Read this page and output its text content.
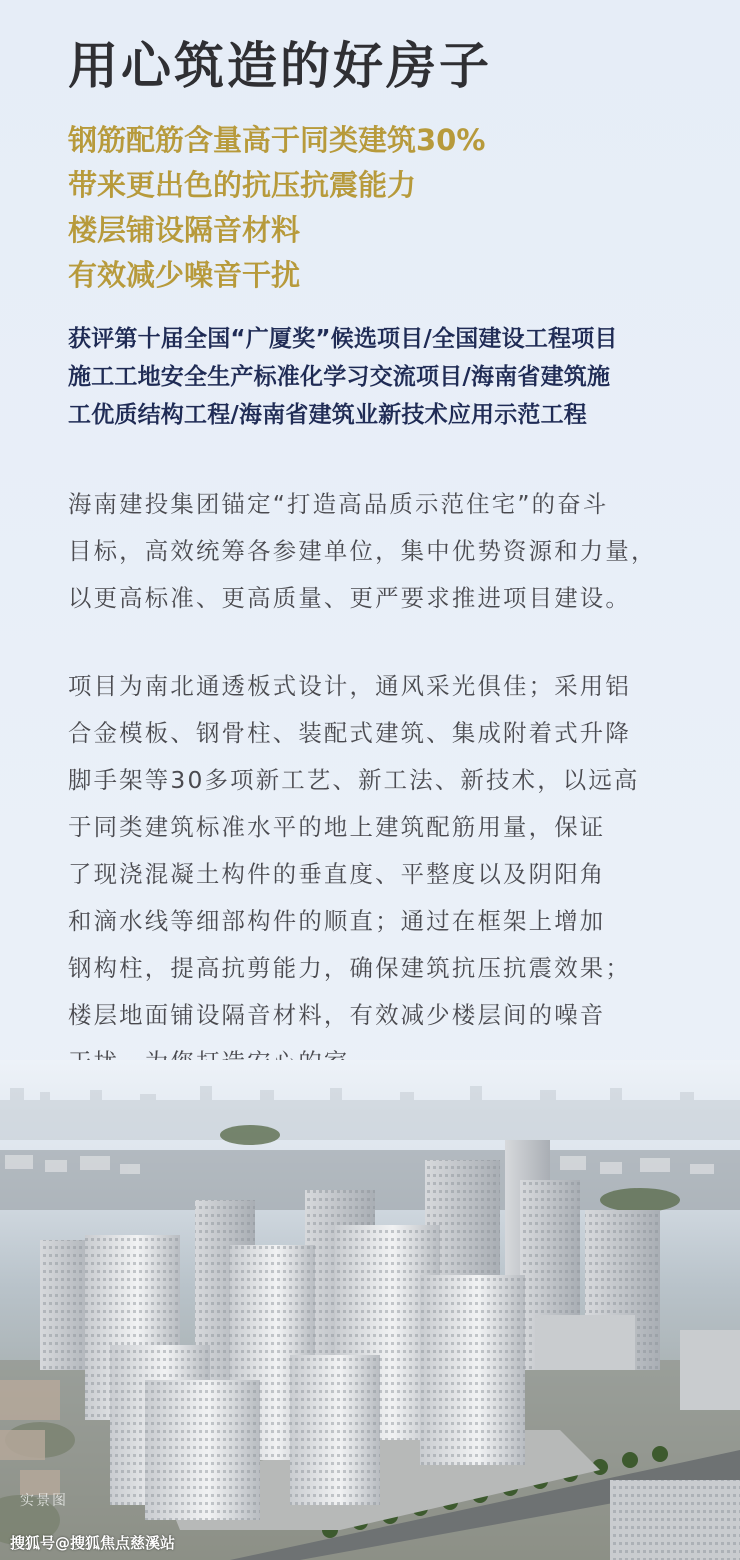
用心筑造的好房子
钢筋配筋含量高于同类建筑30%
带来更出色的抗压抗震能力
楼层铺设隔音材料
有效减少噪音干扰
获评第十届全国“广厦奖”候选项目/全国建设工程项目
施工工地安全生产标准化学习交流项目/海南省建筑施
工优质结构工程/海南省建筑业新技术应用示范工程
海南建投集团锚定“打造高品质示范住宅”的奋斗
目标，高效统筹各参建单位，集中优势资源和力量，
以更高标准、更高质量、更严要求推进项目建设。
项目为南北通透板式设计，通风采光俱佳；采用铝
合金模板、钢骨柱、装配式建筑、集成附着式升降
脚手架等30多项新工艺、新工法、新技术，以远高
于同类建筑标准水平的地上建筑配筋用量，保证
了现浇混凝土构件的垂直度、平整度以及阴阳角
和滴水线等细部构件的顺直；通过在框架上增加
钢构柱，提高抗剪能力，确保建筑抗压抗震效果；
楼层地面铺设隔音材料，有效减少楼层间的噪音
实景图
搜狐号@搜狐焦点慈溪站
